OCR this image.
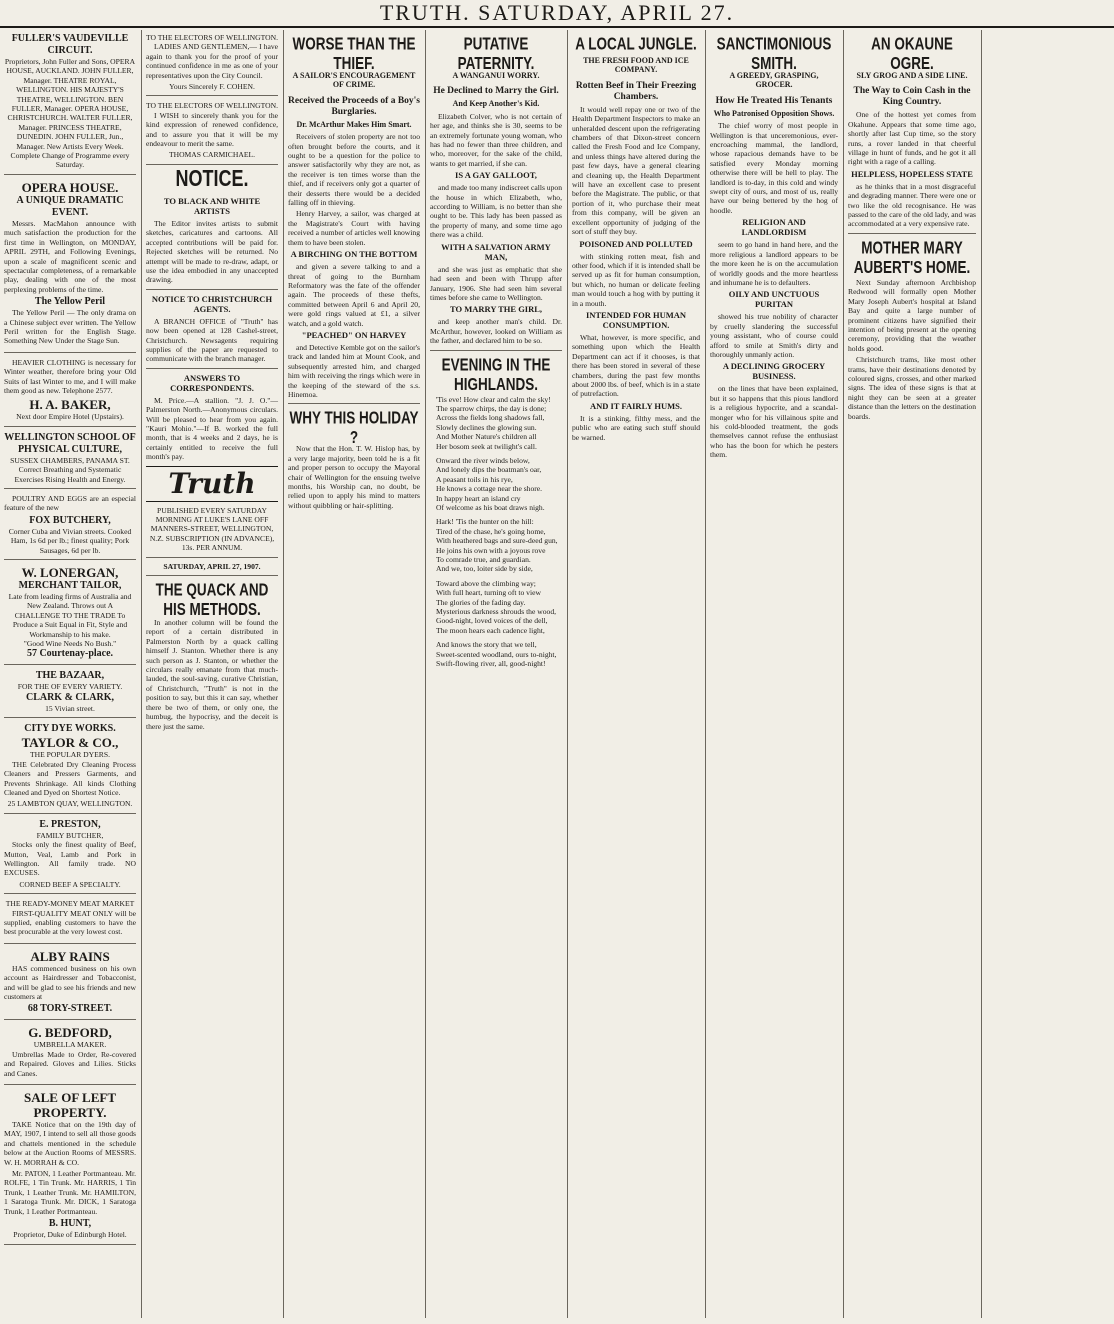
TRUTH. SATURDAY, APRIL 27.
FULLER'S VAUDEVILLE CIRCUIT.
Proprietors, John Fuller and Sons, OPERA HOUSE, AUCKLAND. JOHN FULLER, Manager. THEATRE ROYAL, WELLINGTON. HIS MAJESTY'S THEATRE, WELLINGTON. BEN FULLER, Manager. OPERA HOUSE, CHRISTCHURCH. WALTER FULLER, Manager. PRINCESS THEATRE, DUNEDIN. JOHN FULLER, Jun., Manager. New Artists Every Week. Complete Change of Programme every Saturday.
OPERA HOUSE.
A UNIQUE DRAMATIC EVENT.

Messrs. MacMahon announce with much satisfaction the production for the first time in Wellington, on MONDAY, APRIL 29TH, and Following Evenings, upon a scale of magnificent scenic and spectacular completeness, of a remarkable play, dealing with one of the most perplexing problems of the time.

The Yellow Peril

The Yellow Peril — The only drama on a Chinese subject ever written. The Yellow Peril written for the English Stage. Something New Under the Stage Sun.

HEAVIER CLOTHING is necessary for Winter weather, therefore bring your Old Suits of last Winter to me, and I will make them good as new. Telephone 2577.

H. A. BAKER,
Next door Empire Hotel (Upstairs).
WELLINGTON SCHOOL OF PHYSICAL CULTURE,
SUSSEX CHAMBERS, PANAMA ST. Correct Breathing and Systematic Exercises Rising Health and Energy.

POULTRY AND EGGS are an especial feature of the new

FOX BUTCHERY,
Corner Cuba and Vivian streets. Cooked Ham, 1s 6d per lb.; finest quality; Pork Sausages, 6d per lb.
W. LONERGAN,
MERCHANT TAILOR,
Late from leading firms of Australia and New Zealand. Throws out A CHALLENGE TO THE TRADE To Produce a Suit Equal in Fit, Style and Workmanship to his make.
"Good Wine Needs No Bush."
57 Courtenay-place.
THE BAZAAR,
FOR THE OF EVERY VARIETY.
CLARK & CLARK,
15 Vivian street.
CITY DYE WORKS.
TAYLOR & CO.,
THE POPULAR DYERS.

THE Celebrated Dry Cleaning Process Cleaners and Pressers Garments, and Prevents Shrinkage. All kinds Clothing Cleaned and Dyed on Shortest Notice.

25 LAMBTON QUAY, WELLINGTON.
E. PRESTON,
FAMILY BUTCHER,

Stocks only the finest quality of Beef, Mutton, Veal, Lamb and Pork in Wellington. All family trade. NO EXCUSES.

CORNED BEEF A SPECIALTY.
THE READY-MONEY MEAT MARKET

FIRST-QUALITY MEAT ONLY will be supplied, enabling customers to have the best procurable at the very lowest cost.

ALBY RAINS

HAS commenced business on his own account as Hairdresser and Tobacconist, and will be glad to see his friends and new customers at

68 TORY-STREET.
G. BEDFORD,
UMBRELLA MAKER.

Umbrellas Made to Order, Re-covered and Repaired. Gloves and Lilies. Sticks and Canes.

SALE OF LEFT PROPERTY.

TAKE Notice that on the 19th day of MAY, 1907, I intend to sell all those goods and chattels mentioned in the schedule below at the Auction Rooms of MESSRS. W. H. MORRAH & CO.

Mr. PATON, 1 Leather Portmanteau. Mr. ROLFE, 1 Tin Trunk. Mr. HARRIS, 1 Tin Trunk, 1 Leather Trunk. Mr. HAMILTON, 1 Saratoga Trunk. Mr. DICK, 1 Saratoga Trunk, 1 Leather Portmanteau.

B. HUNT,
Proprietor, Duke of Edinburgh Hotel.
TO THE ELECTORS OF WELLINGTON.

LADIES AND GENTLEMEN,— I have again to thank you for the proof of your continued confidence in me as one of your representatives upon the City Council.

Yours Sincerely F. COHEN.
TO THE ELECTORS OF WELLINGTON.

I WISH to sincerely thank you for the kind expression of renewed confidence, and to assure you that it will be my endeavour to merit the same.

THOMAS CARMICHAEL.
NOTICE.
TO BLACK AND WHITE ARTISTS

The Editor invites artists to submit sketches, caricatures and cartoons. All accepted contributions will be paid for. Rejected sketches will be returned. No attempt will be made to re-draw, adapt, or use the idea embodied in any unaccepted drawing.

NOTICE TO CHRISTCHURCH AGENTS.

A BRANCH OFFICE of "Truth" has now been opened at 128 Cashel-street, Christchurch. Newsagents requiring supplies of the paper are requested to communicate with the branch manager.

ANSWERS TO CORRESPONDENTS.

M. Price.—A stallion. "J. J. O."—Palmerston North.—Anonymous circulars. Will be pleased to hear from you again. "Kauri Mohio."—If B. worked the full month, that is 4 weeks and 2 days, he is certainly entitled to receive the full month's pay.

Truth

PUBLISHED EVERY SATURDAY MORNING AT LUKE'S LANE OFF MANNERS-STREET, WELLINGTON, N.Z. SUBSCRIPTION (IN ADVANCE), 13s. PER ANNUM.

SATURDAY, APRIL 27, 1907.

THE QUACK AND HIS METHODS.

In another column will be found the report of a certain distributed in Palmerston North by a quack calling himself J. Stanton. Whether there is any such person as J. Stanton, or whether the circulars really emanate from that much-lauded, the soul-saving, curative Christian, of Christchurch, "Truth" is not in the position to say, but this it can say, whether there be two of them, or only one, the humbug, the hypocrisy, and the deceit is there just the same.

WORSE THAN THE THIEF.
A SAILOR'S ENCOURAGEMENT OF CRIME.
Received the Proceeds of a Boy's Burglaries.
Dr. McArthur Makes Him Smart.

Receivers of stolen property are not too often brought before the courts, and it ought to be a question for the police to answer satisfactorily why they are not, as the receiver is ten times worse than the thief, and if receivers only got a quarter of their desserts there would be a decided falling off in thieving.

Henry Harvey, a sailor, was charged at the Magistrate's Court with having received a number of articles well knowing them to have been stolen.

A BIRCHING ON THE BOTTOM

and given a severe talking to and a threat of going to the Burnham Reformatory was the fate of the offender again. The proceeds of these thefts, committed between April 6 and April 20, were gold rings valued at £1, a silver watch, and a gold watch.

"PEACHED" ON HARVEY

and Detective Kemble got on the sailor's track and landed him at Mount Cook, and subsequently arrested him, and charged him with receiving the rings which were in the keeping of the steward of the s.s. Hinemoa.

WHY THIS HOLIDAY ?

Now that the Hon. T. W. Hislop has, by a very large majority, been told he is a fit and proper person to occupy the Mayoral chair of Wellington for the ensuing twelve months, his Worship can, no doubt, be relied upon to apply his mind to matters without quibbling or hair-splitting.

PUTATIVE PATERNITY.
A WANGANUI WORRY.
He Declined to Marry the Girl.
And Keep Another's Kid.

Elizabeth Colver, who is not certain of her age, and thinks she is 30, seems to be an extremely fortunate young woman, who has had no fewer than three children, and who, moreover, for the sake of the child, wants to get married, if she can.

IS A GAY GALLOOT,

and made too many indiscreet calls upon the house in which Elizabeth, who, according to William, is no better than she ought to be. This lady has been passed as the property of many, and some time ago there was a child.

WITH A SALVATION ARMY MAN,

and she was just as emphatic that she had seen and been with Thrupp after January, 1906. She had seen him several times before she came to Wellington.

TO MARRY THE GIRL,

and keep another man's child. Dr. McArthur, however, looked on William as the father, and declared him to be so.

EVENING IN THE HIGHLANDS.

'Tis eve! How clear and calm the sky!

The sparrow chirps, the day is done;

Across the fields long shadows fall,

Slowly declines the glowing sun.

And Mother Nature's children all

Her bosom seek at twilight's call.

Onward the river winds below,

And lonely dips the boatman's oar,

A peasant toils in his rye,

He knows a cottage near the shore.

In happy heart an island cry

Of welcome as his boat draws nigh.

Hark! 'Tis the hunter on the hill:

Tired of the chase, he's going home,

With heathered bags and sure-deed gun,

He joins his own with a joyous rove

To comrade true, and guardian.

And we, too, loiter side by side,

Toward above the climbing way;

With full heart, turning oft to view

The glories of the fading day.

Mysterious darkness shrouds the wood,

Good-night, loved voices of the dell,

The moon hears each cadence light,

And knows the story that we tell,

Sweet-scented woodland, ours to-night,

Swift-flowing river, all, good-night!

A LOCAL JUNGLE.
THE FRESH FOOD AND ICE COMPANY.
Rotten Beef in Their Freezing Chambers.

It would well repay one or two of the Health Department Inspectors to make an unheralded descent upon the refrigerating chambers of that Dixon-street concern called the Fresh Food and Ice Company, and unless things have altered during the past few days, have a general clearing and cleaning up, the Health Department will have an excellent case to present before the Magistrate. The public, or that portion of it, who purchase their meat from this company, will be given an excellent opportunity of judging of the sort of stuff they buy.

POISONED AND POLLUTED

with stinking rotten meat, fish and other food, which if it is intended shall be served up as fit for human consumption, but which, no human or delicate feeling man would touch a hog with by putting it in a mouth.

INTENDED FOR HUMAN CONSUMPTION.

What, however, is more specific, and something upon which the Health Department can act if it chooses, is that there has been stored in several of these chambers, during the past few months about 2000 lbs. of beef, which is in a state of putrefaction.

AND IT FAIRLY HUMS.

It is a stinking, filthy mess, and the public who are eating such stuff should be warned.

SANCTIMONIOUS SMITH.
A GREEDY, GRASPING, GROCER.
How He Treated His Tenants
Who Patronised Opposition Shows.

The chief worry of most people in Wellington is that unceremonious, ever-encroaching mammal, the landlord, whose rapacious demands have to be satisfied every Monday morning otherwise there will be hell to play. The landlord is to-day, in this cold and windy swept city of ours, and most of us, really have our being bettered by the hog of hoodle.

RELIGION AND LANDLORDISM

seem to go hand in hand here, and the more religious a landlord appears to be the more keen he is on the accumulation of worldly goods and the more heartless and inhumane he is to defaulters.

OILY AND UNCTUOUS PURITAN

showed his true nobility of character by cruelly slandering the successful young assistant, who of course could afford to smile at Smith's dirty and thoroughly unmanly action.

A DECLINING GROCERY BUSINESS.

on the lines that have been explained, but it so happens that this pious landlord is a religious hypocrite, and a scandal-monger who for his villainous spite and his cold-blooded treatment, the gods themselves cannot refuse the enthusiast who has the boon for which he pesters them.

AN OKAUNE OGRE.
SLY GROG AND A SIDE LINE.
The Way to Coin Cash in the King Country.

One of the hottest yet comes from Okahune. Appears that some time ago, shortly after last Cup time, so the story runs, a rover landed in that cheerful village in hunt of funds, and he got it all right with a rage of a calling.

HELPLESS, HOPELESS STATE

as he thinks that in a most disgraceful and degrading manner. There were one or two like the old recognisance. He was passed to the care of the old lady, and was accommodated at a very expensive rate.

MOTHER MARY AUBERT'S HOME.

Next Sunday afternoon Archbishop Redwood will formally open Mother Mary Joseph Aubert's hospital at Island Bay and quite a large number of prominent citizens have signified their intention of being present at the opening ceremony, providing that the weather holds good.

Christchurch trams, like most other trams, have their destinations denoted by coloured signs, crosses, and other marked signs. The idea of these signs is that at night they can be seen at a greater distance than the letters on the destination boards.
